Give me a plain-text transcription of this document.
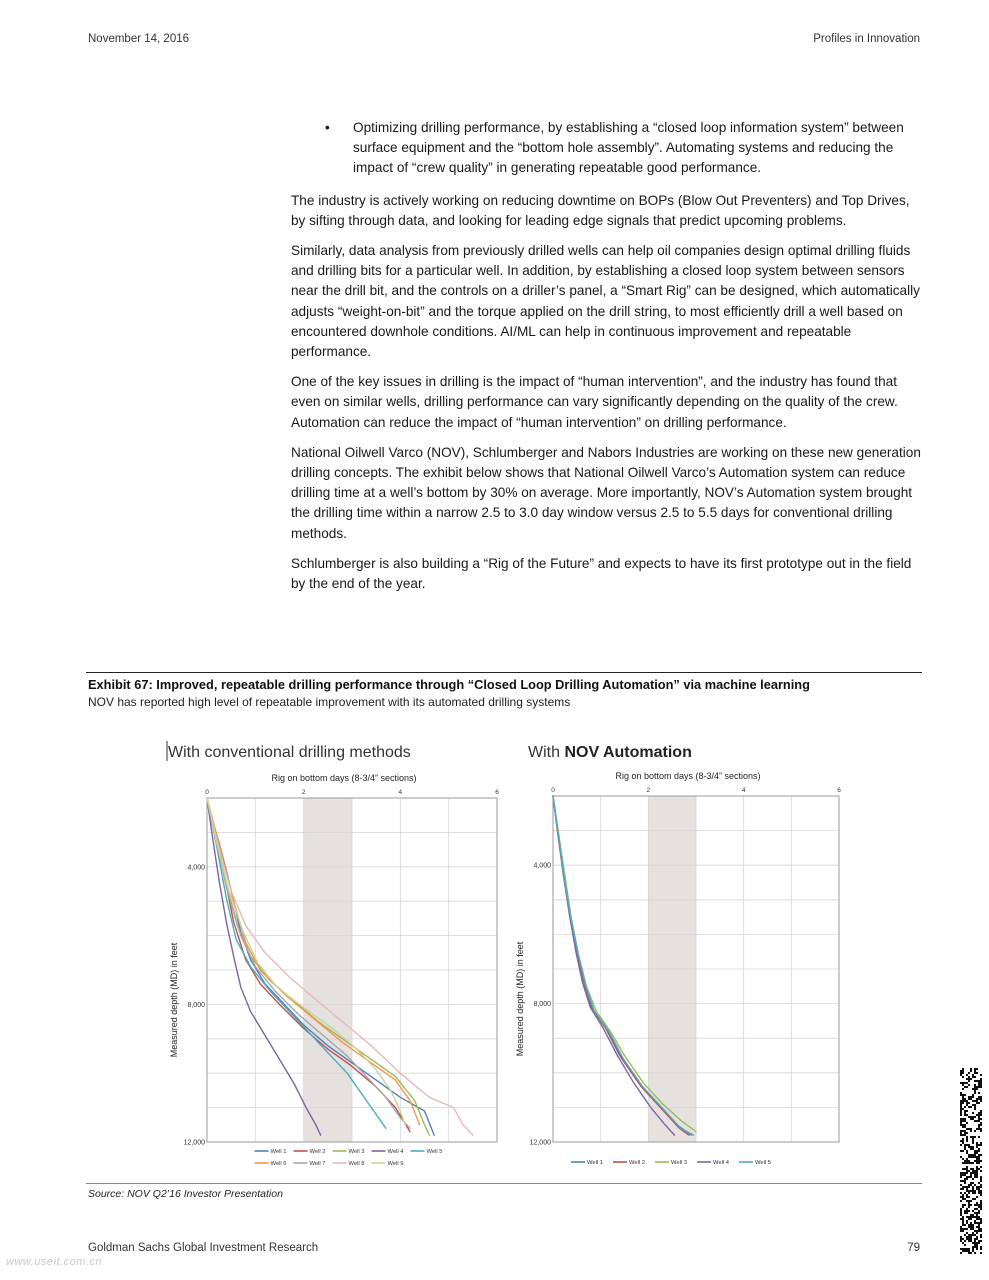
November 14, 2016	Profiles in Innovation
• Optimizing drilling performance, by establishing a “closed loop information system” between surface equipment and the “bottom hole assembly”. Automating systems and reducing the impact of “crew quality” in generating repeatable good performance.

The industry is actively working on reducing downtime on BOPs (Blow Out Preventers) and Top Drives, by sifting through data, and looking for leading edge signals that predict upcoming problems.

Similarly, data analysis from previously drilled wells can help oil companies design optimal drilling fluids and drilling bits for a particular well. In addition, by establishing a closed loop system between sensors near the drill bit, and the controls on a driller’s panel, a “Smart Rig” can be designed, which automatically adjusts “weight-on-bit” and the torque applied on the drill string, to most efficiently drill a well based on encountered downhole conditions. AI/ML can help in continuous improvement and repeatable performance.

One of the key issues in drilling is the impact of “human intervention”, and the industry has found that even on similar wells, drilling performance can vary significantly depending on the quality of the crew. Automation can reduce the impact of “human intervention” on drilling performance.

National Oilwell Varco (NOV), Schlumberger and Nabors Industries are working on these new generation drilling concepts. The exhibit below shows that National Oilwell Varco’s Automation system can reduce drilling time at a well’s bottom by 30% on average. More importantly, NOV’s Automation system brought the drilling time within a narrow 2.5 to 3.0 day window versus 2.5 to 5.5 days for conventional drilling methods.

Schlumberger is also building a “Rig of the Future” and expects to have its first prototype out in the field by the end of the year.

Exhibit 67: Improved, repeatable drilling performance through “Closed Loop Drilling Automation” via machine learning
NOV has reported high level of repeatable improvement with its automated drilling systems
With conventional drilling methods
Rig on bottom days (8-3/4” sections)
Measured depth (MD) in feet
0	2	4	6
4,000
8,000
12,000
Well 1	Well 2	Well 3	Well 4	Well 5
Well 6	Well 7	Well 8	Well 9
With NOV Automation
Rig on bottom days (8-3/4” sections)
Measured depth (MD) in feet
0	2	4	6
4,000
8,000
12,000
Well 1	Well 2	Well 3	Well 4	Well 5
Source: NOV Q2’16 Investor Presentation
Goldman Sachs Global Investment Research	79
www.useit.com.cn
